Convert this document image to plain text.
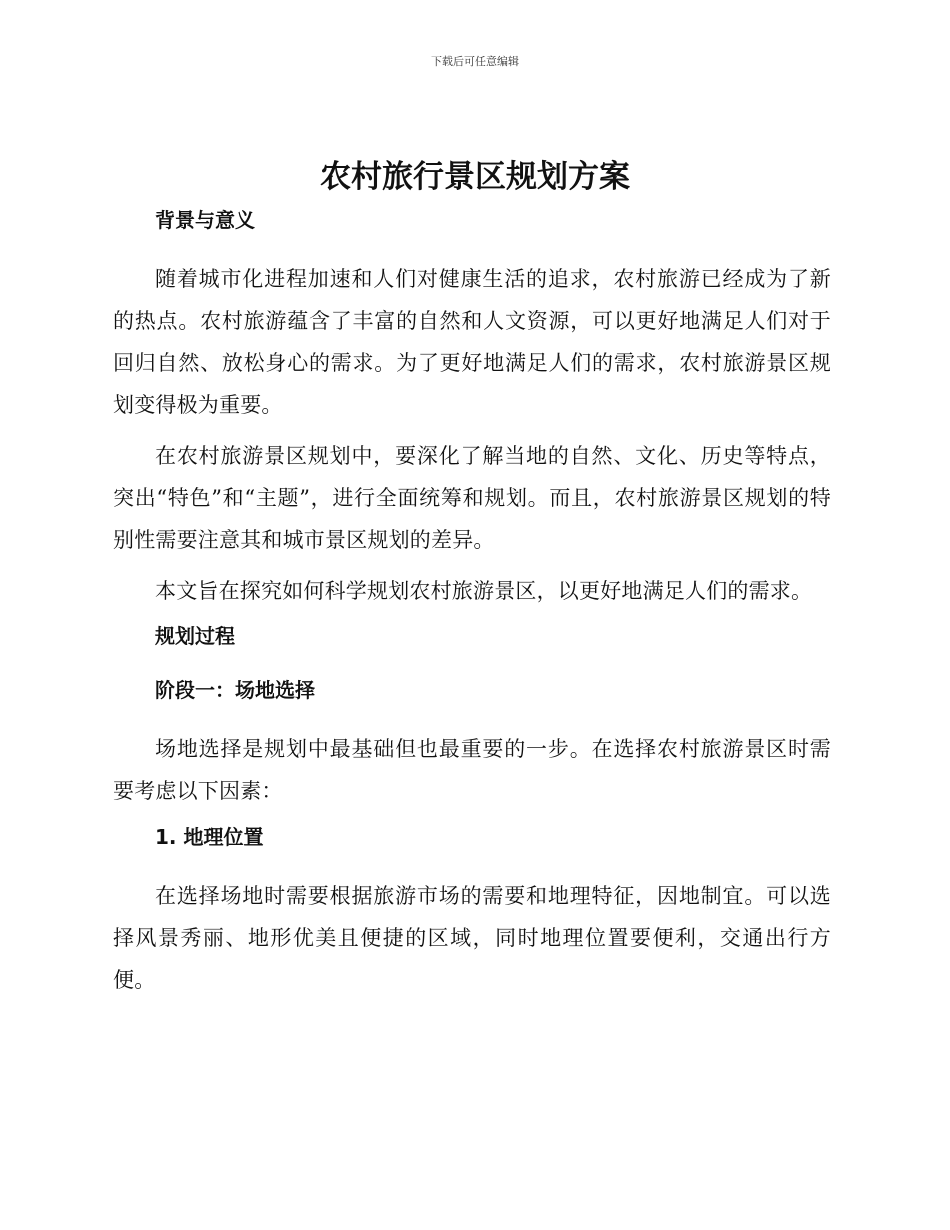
下载后可任意编辑
农村旅行景区规划方案
背景与意义

随着城市化进程加速和人们对健康生活的追求，农村旅游已经成为了新的热点。农村旅游蕴含了丰富的自然和人文资源，可以更好地满足人们对于回归自然、放松身心的需求。为了更好地满足人们的需求，农村旅游景区规划变得极为重要。

在农村旅游景区规划中，要深化了解当地的自然、文化、历史等特点，突出“特色”和“主题”，进行全面统筹和规划。而且，农村旅游景区规划的特别性需要注意其和城市景区规划的差异。

本文旨在探究如何科学规划农村旅游景区，以更好地满足人们的需求。

规划过程
阶段一：场地选择

场地选择是规划中最基础但也最重要的一步。在选择农村旅游景区时需要考虑以下因素：

1. 地理位置

在选择场地时需要根据旅游市场的需要和地理特征，因地制宜。可以选择风景秀丽、地形优美且便捷的区域，同时地理位置要便利，交通出行方便。
